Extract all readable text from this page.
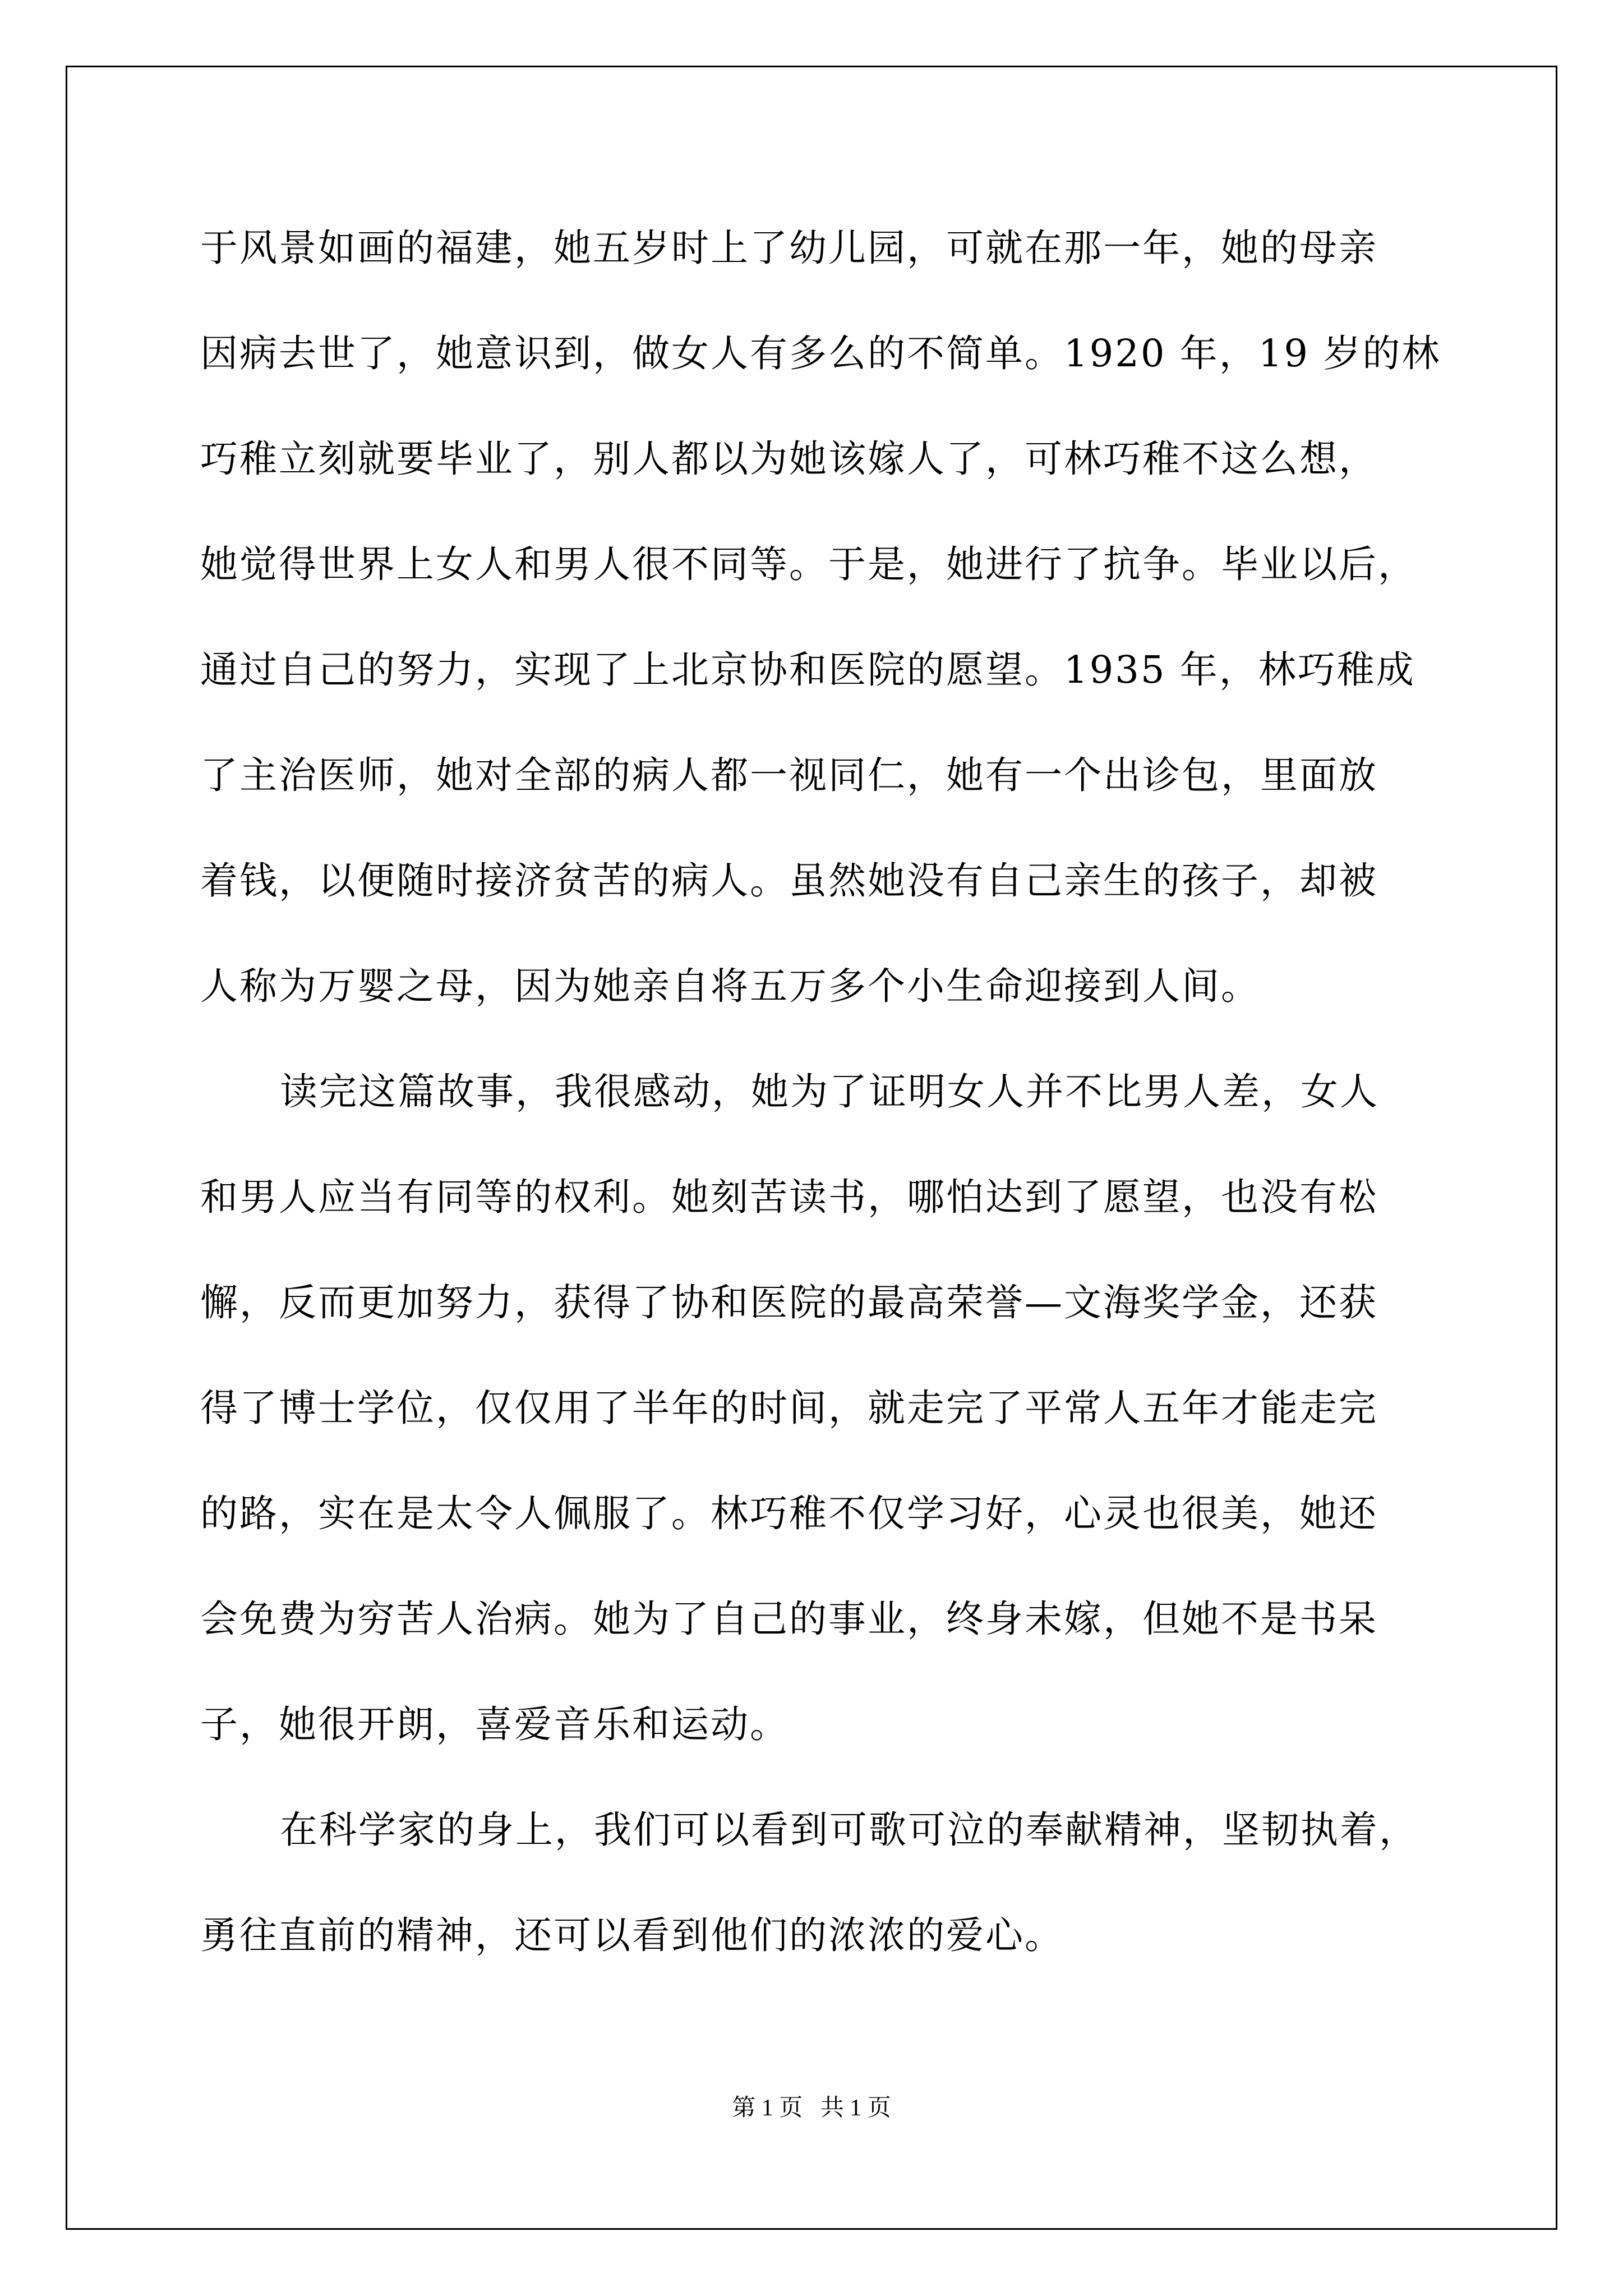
于风景如画的福建，她五岁时上了幼儿园，可就在那一年，她的母亲
因病去世了，她意识到，做女人有多么的不简单。1920 年，19 岁的林
巧稚立刻就要毕业了，别人都以为她该嫁人了，可林巧稚不这么想，
她觉得世界上女人和男人很不同等。于是，她进行了抗争。毕业以后，
通过自己的努力，实现了上北京协和医院的愿望。1935 年，林巧稚成
了主治医师，她对全部的病人都一视同仁，她有一个出诊包，里面放
着钱，以便随时接济贫苦的病人。虽然她没有自己亲生的孩子，却被
人称为万婴之母，因为她亲自将五万多个小生命迎接到人间。
读完这篇故事，我很感动，她为了证明女人并不比男人差，女人
和男人应当有同等的权利。她刻苦读书，哪怕达到了愿望，也没有松
懈，反而更加努力，获得了协和医院的最高荣誉—文海奖学金，还获
得了博士学位，仅仅用了半年的时间，就走完了平常人五年才能走完
的路，实在是太令人佩服了。林巧稚不仅学习好，心灵也很美，她还
会免费为穷苦人治病。她为了自己的事业，终身未嫁，但她不是书呆
子，她很开朗，喜爱音乐和运动。
在科学家的身上，我们可以看到可歌可泣的奉献精神，坚韧执着，
勇往直前的精神，还可以看到他们的浓浓的爱心。
第 1 页   共 1 页
